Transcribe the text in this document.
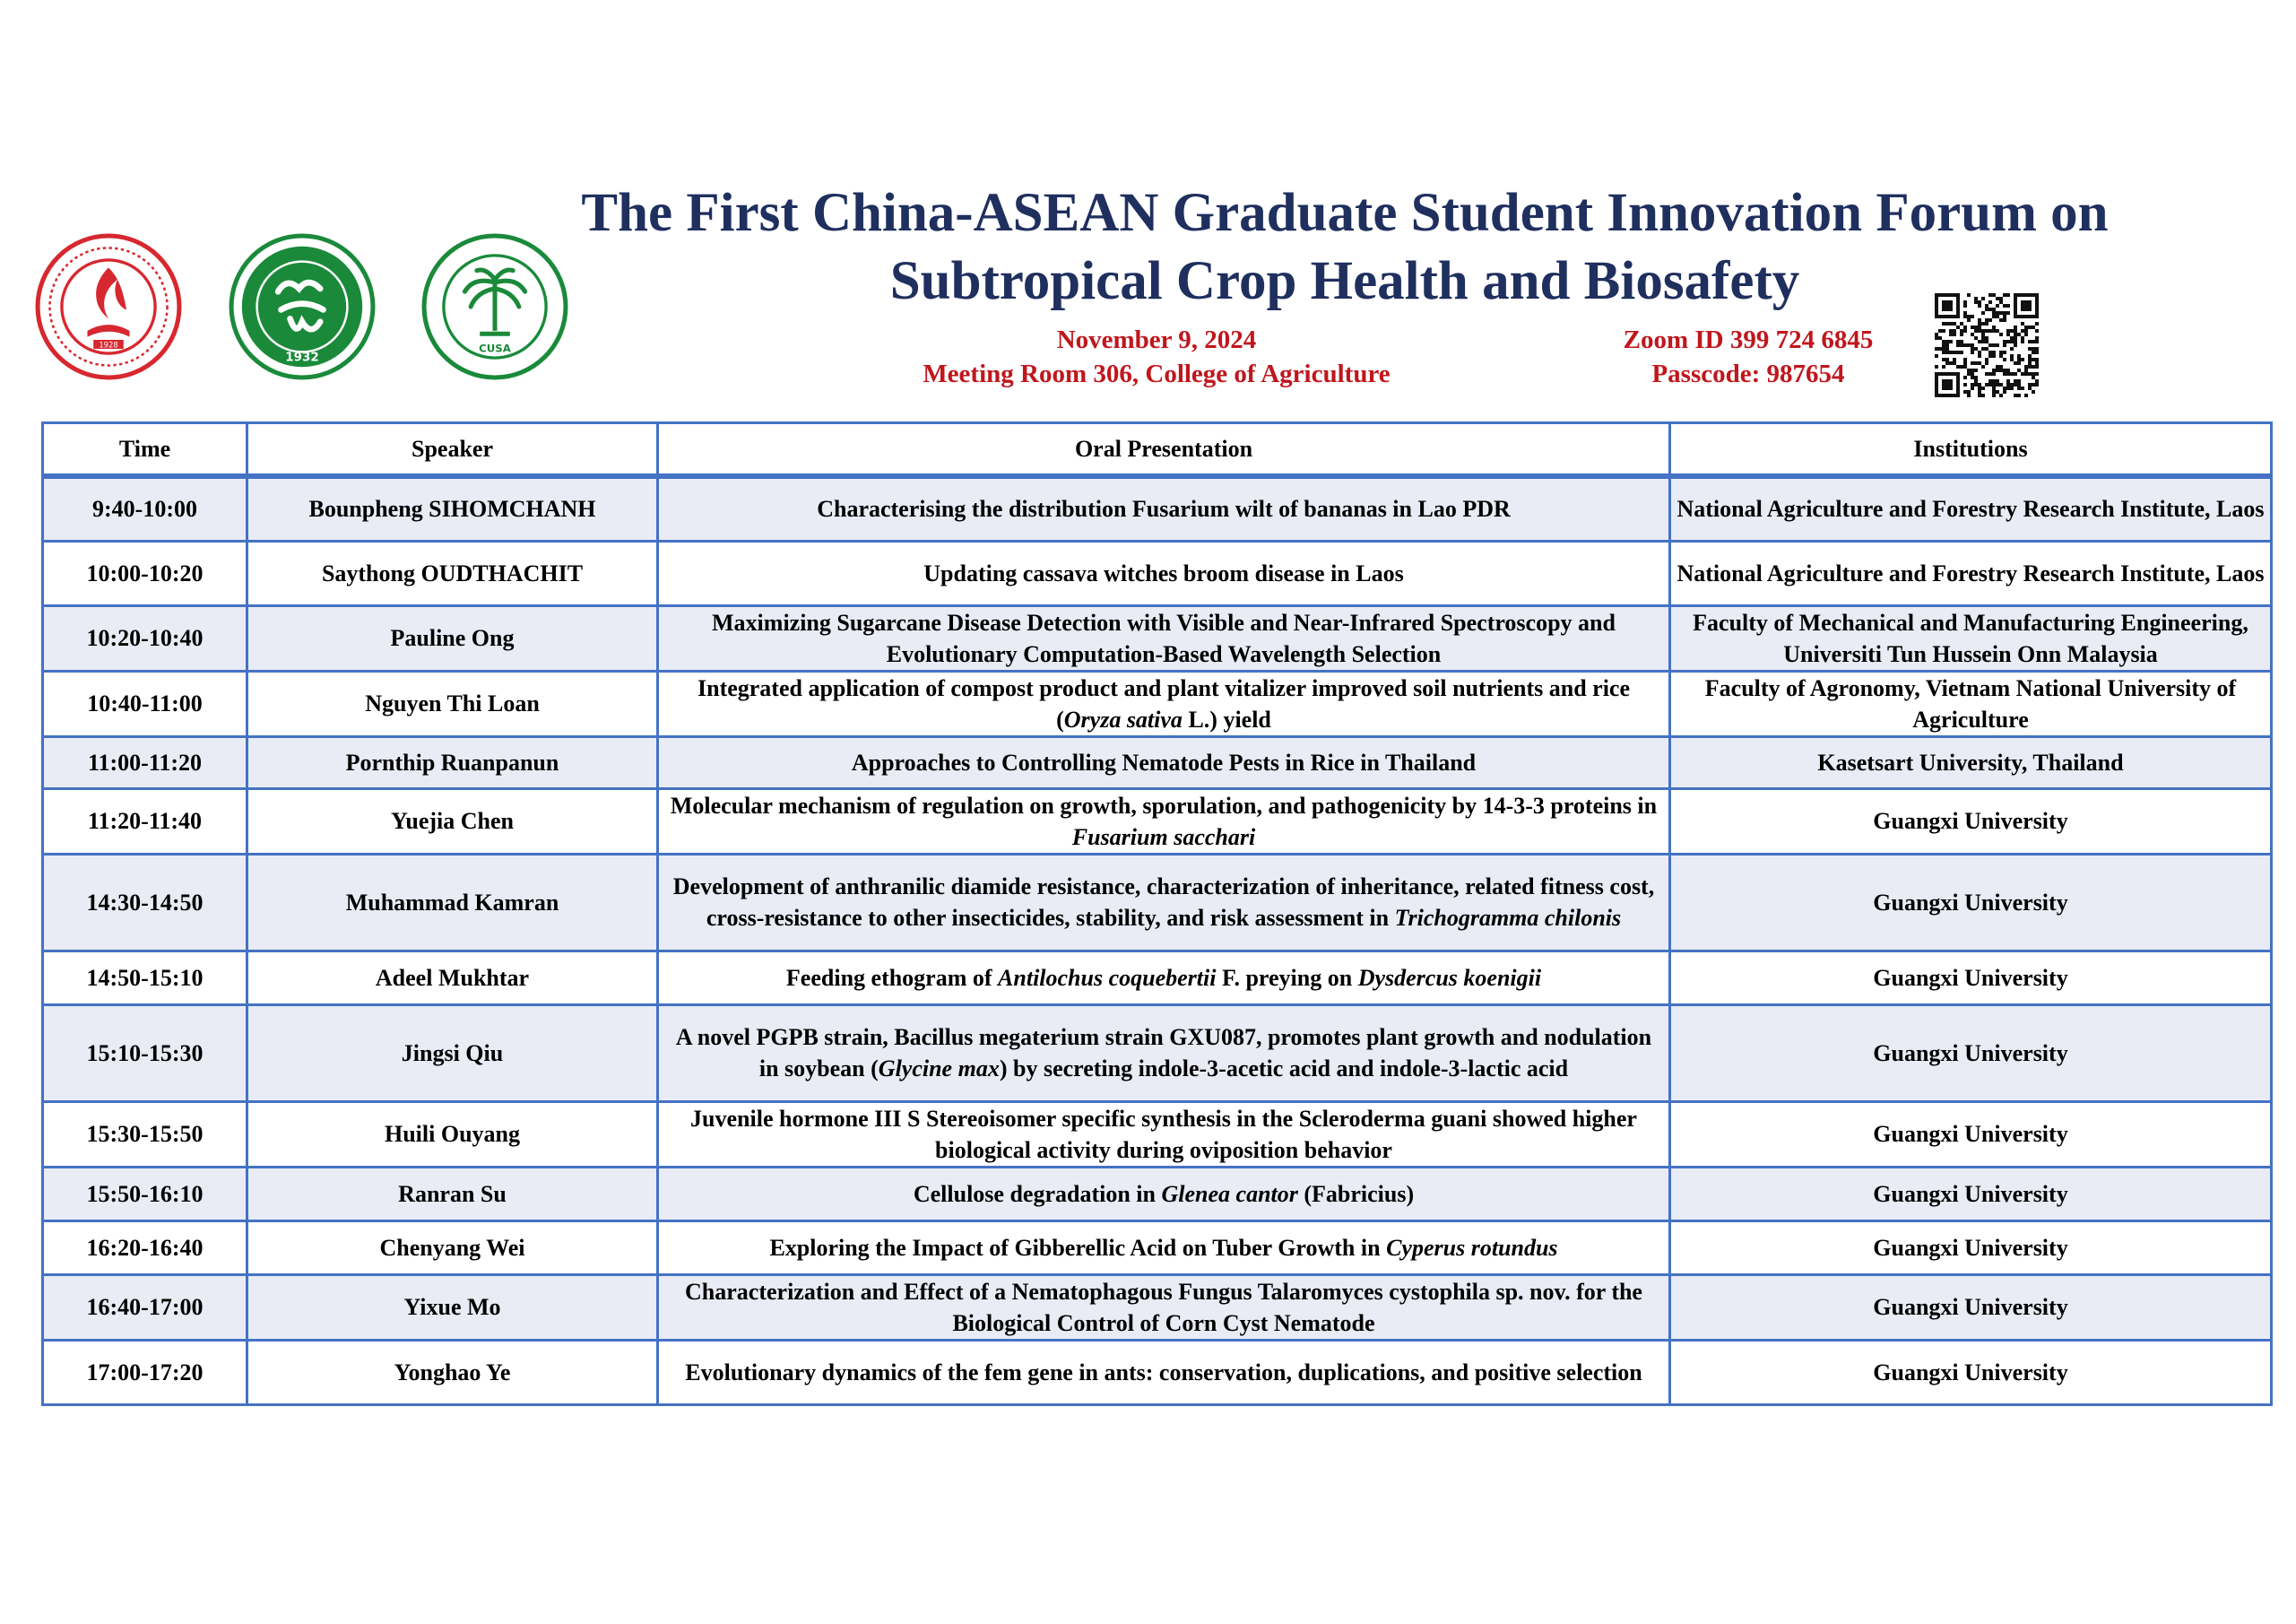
1928
1932
CUSA
The First China-ASEAN Graduate Student Innovation Forum on
Subtropical Crop Health and Biosafety
November 9, 2024
Meeting Room 306, College of Agriculture
Zoom ID 399 724 6845
Passcode: 987654
Time	Speaker	Oral Presentation	Institutions
9:40-10:00	Bounpheng SIHOMCHANH	Characterising the distribution Fusarium wilt of bananas in Lao PDR	National Agriculture and Forestry Research Institute, Laos
10:00-10:20	Saythong OUDTHACHIT	Updating cassava witches broom disease in Laos	National Agriculture and Forestry Research Institute, Laos
10:20-10:40	Pauline Ong	Maximizing Sugarcane Disease Detection with Visible and Near-Infrared Spectroscopy and Evolutionary Computation-Based Wavelength Selection	Faculty of Mechanical and Manufacturing Engineering, Universiti Tun Hussein Onn Malaysia
10:40-11:00	Nguyen Thi Loan	Integrated application of compost product and plant vitalizer improved soil nutrients and rice (Oryza sativa L.) yield	Faculty of Agronomy, Vietnam National University of Agriculture
11:00-11:20	Pornthip Ruanpanun	Approaches to Controlling Nematode Pests in Rice in Thailand	Kasetsart University, Thailand
11:20-11:40	Yuejia Chen	Molecular mechanism of regulation on growth, sporulation, and pathogenicity by 14-3-3 proteins in Fusarium sacchari	Guangxi University
14:30-14:50	Muhammad Kamran	Development of anthranilic diamide resistance, characterization of inheritance, related fitness cost, cross-resistance to other insecticides, stability, and risk assessment in Trichogramma chilonis	Guangxi University
14:50-15:10	Adeel Mukhtar	Feeding ethogram of Antilochus coquebertii F. preying on Dysdercus koenigii	Guangxi University
15:10-15:30	Jingsi Qiu	A novel PGPB strain, Bacillus megaterium strain GXU087, promotes plant growth and nodulation in soybean (Glycine max) by secreting indole-3-acetic acid and indole-3-lactic acid	Guangxi University
15:30-15:50	Huili Ouyang	Juvenile hormone III S Stereoisomer specific synthesis in the Scleroderma guani showed higher biological activity during oviposition behavior	Guangxi University
15:50-16:10	Ranran Su	Cellulose degradation in Glenea cantor (Fabricius)	Guangxi University
16:20-16:40	Chenyang Wei	Exploring the Impact of Gibberellic Acid on Tuber Growth in Cyperus rotundus	Guangxi University
16:40-17:00	Yixue Mo	Characterization and Effect of a Nematophagous Fungus Talaromyces cystophila sp. nov. for the Biological Control of Corn Cyst Nematode	Guangxi University
17:00-17:20	Yonghao Ye	Evolutionary dynamics of the fem gene in ants: conservation, duplications, and positive selection	Guangxi University
